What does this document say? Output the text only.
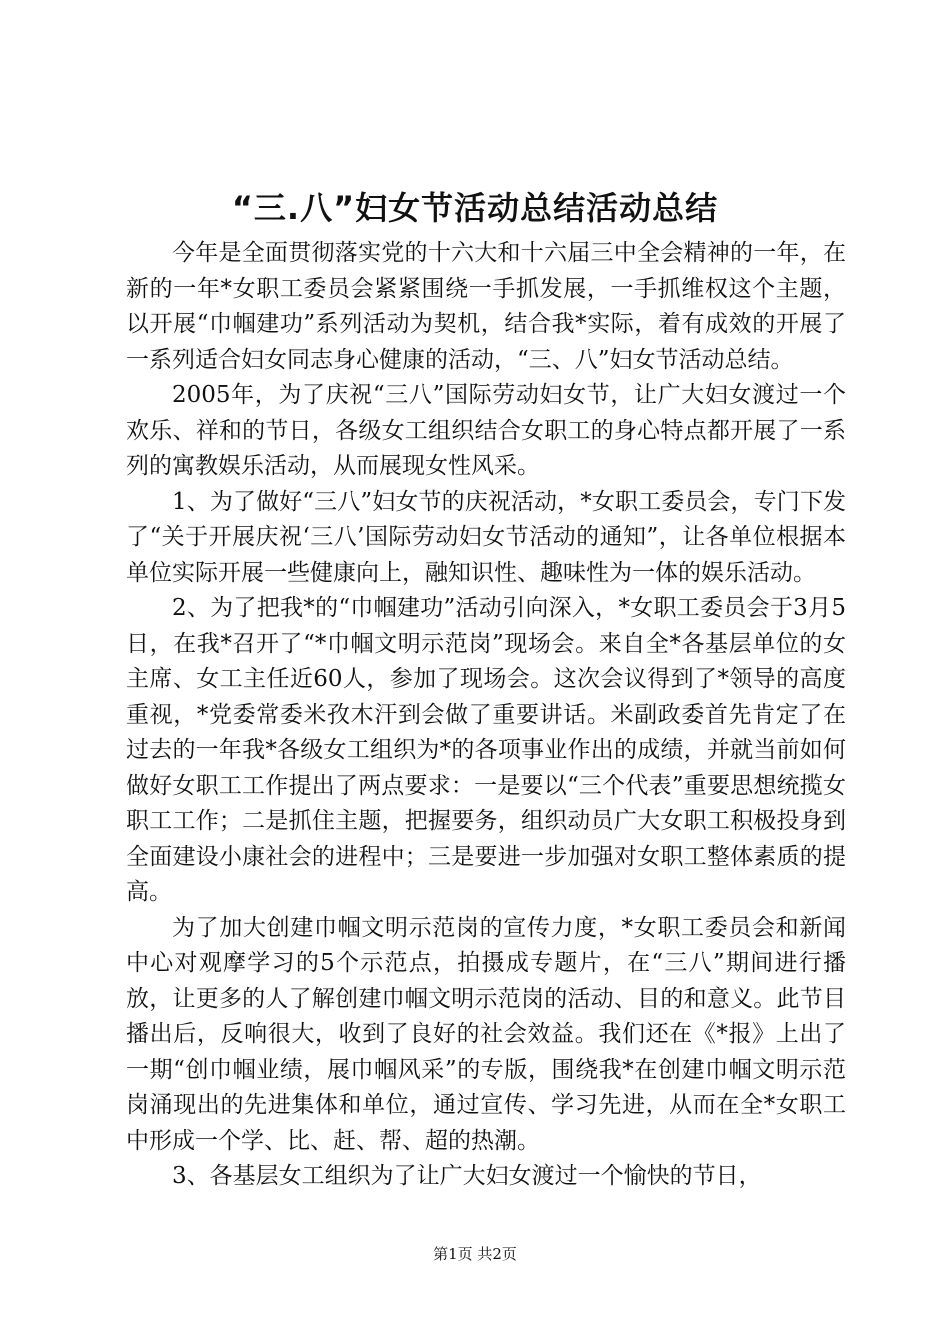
“三.八”妇女节活动总结活动总结

今年是全面贯彻落实党的十六大和十六届三中全会精神的一年，在新的一年*女职工委员会紧紧围绕一手抓发展，一手抓维权这个主题，以开展“巾帼建功”系列活动为契机，结合我*实际，着有成效的开展了一系列适合妇女同志身心健康的活动，“三、八”妇女节活动总结。

2005年，为了庆祝“三八”国际劳动妇女节，让广大妇女渡过一个欢乐、祥和的节日，各级女工组织结合女职工的身心特点都开展了一系列的寓教娱乐活动，从而展现女性风采。

1、为了做好“三八”妇女节的庆祝活动，*女职工委员会，专门下发了“关于开展庆祝‘三八’国际劳动妇女节活动的通知”，让各单位根据本单位实际开展一些健康向上，融知识性、趣味性为一体的娱乐活动。

2、为了把我*的“巾帼建功”活动引向深入，*女职工委员会于3月5日，在我*召开了“*巾帼文明示范岗”现场会。来自全*各基层单位的女主席、女工主任近60人，参加了现场会。这次会议得到了*领导的高度重视，*党委常委米孜木汗到会做了重要讲话。米副政委首先肯定了在过去的一年我*各级女工组织为*的各项事业作出的成绩，并就当前如何做好女职工工作提出了两点要求：一是要以“三个代表”重要思想统揽女职工工作；二是抓住主题，把握要务，组织动员广大女职工积极投身到全面建设小康社会的进程中；三是要进一步加强对女职工整体素质的提高。

为了加大创建巾帼文明示范岗的宣传力度，*女职工委员会和新闻中心对观摩学习的5个示范点，拍摄成专题片，在“三八”期间进行播放，让更多的人了解创建巾帼文明示范岗的活动、目的和意义。此节目播出后，反响很大，收到了良好的社会效益。我们还在《*报》上出了一期“创巾帼业绩，展巾帼风采”的专版，围绕我*在创建巾帼文明示范岗涌现出的先进集体和单位，通过宣传、学习先进，从而在全*女职工中形成一个学、比、赶、帮、超的热潮。

3、各基层女工组织为了让广大妇女渡过一个愉快的节日，

第1页 共2页
